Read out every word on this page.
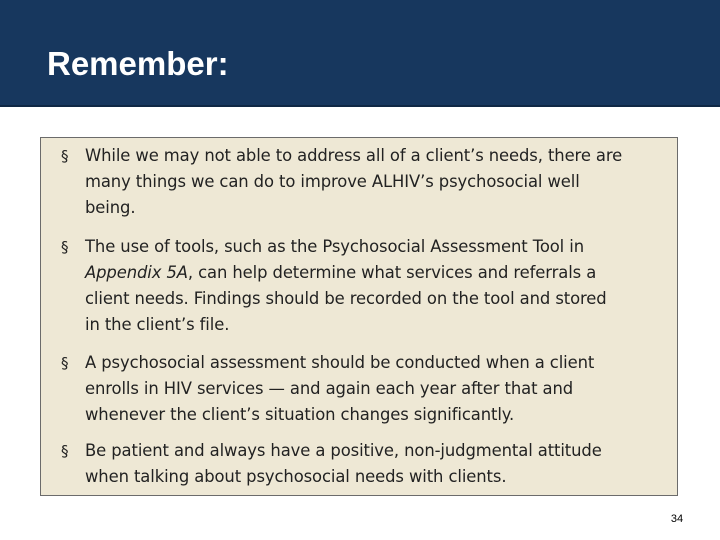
Remember:
§ While we may not able to address all of a client’s needs, there are
many things we can do to improve ALHIV’s psychosocial well
being.
§ The use of tools, such as the Psychosocial Assessment Tool in
Appendix 5A, can help determine what services and referrals a
client needs. Findings should be recorded on the tool and stored
in the client’s file.
§ A psychosocial assessment should be conducted when a client
enrolls in HIV services — and again each year after that and
whenever the client’s situation changes significantly.
§ Be patient and always have a positive, non-judgmental attitude
when talking about psychosocial needs with clients.
34
